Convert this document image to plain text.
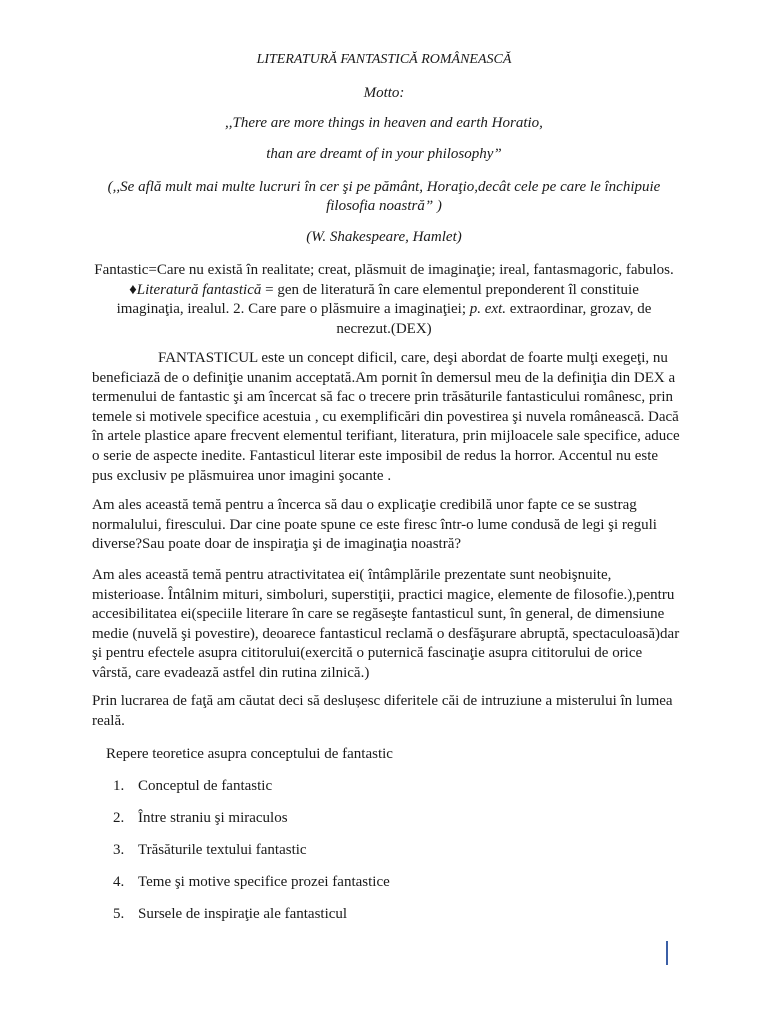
LITERATURĂ FANTASTICĂ ROMÂNEASCĂ
Motto:
,,There are more things in heaven and earth Horatio,
than are dreamt of in your philosophy”
(,,Se află mult mai multe lucruri în cer şi pe pământ, Horaţio,decât cele pe care le închipuie filosofia noastră” )
(W. Shakespeare, Hamlet)
Fantastic=Care nu există în realitate; creat, plăsmuit de imaginaţie; ireal, fantasmagoric, fabulos. ♦Literatură fantastică = gen de literatură în care elementul preponderent îl constituie imaginaţia, irealul. 2. Care pare o plăsmuire a imaginaţiei; p. ext. extraordinar, grozav, de necrezut.(DEX)

FANTASTICUL este un concept dificil, care, deşi abordat de foarte mulţi exegeţi, nu beneficiază de o definiţie unanim acceptată.Am pornit în demersul meu de la definiţia din DEX a termenului de fantastic şi am încercat să fac o trecere prin trăsăturile fantasticului românesc, prin temele si motivele specifice acestuia , cu exemplificări din povestirea şi nuvela românească. Dacă în artele plastice apare frecvent elementul terifiant, literatura, prin mijloacele sale specifice, aduce o serie de aspecte inedite. Fantasticul literar este imposibil de redus la horror. Accentul nu este pus exclusiv pe plăsmuirea unor imagini şocante .

Am ales această temă pentru a încerca să dau o explicaţie credibilă unor fapte ce se sustrag normalului, firescului. Dar cine poate spune ce este firesc într-o lume condusă de legi şi reguli diverse?Sau poate doar de inspiraţia şi de imaginaţia noastră?

Am ales această temă pentru atractivitatea ei( întâmplările prezentate sunt neobişnuite, misterioase. Întâlnim mituri, simboluri, superstiţii, practici magice, elemente de filosofie.),pentru accesibilitatea ei(speciile literare în care se regăseşte fantasticul sunt, în general, de dimensiune medie (nuvelă şi povestire), deoarece fantasticul reclamă o desfăşurare abruptă, spectaculoasă)dar şi pentru efectele asupra cititorului(exercită o puternică fascinaţie asupra cititorului de orice vârstă, care evadează astfel din rutina zilnică.)

Prin lucrarea de faţă am căutat deci să deslușesc diferitele căi de intruziune a misterului în lumea reală.

Repere teoretice asupra conceptului de fantastic
1. Conceptul de fantastic
2. Între straniu şi miraculos
3. Trăsăturile textului fantastic
4. Teme şi motive specifice prozei fantastice
5. Sursele de inspiraţie ale fantasticul
